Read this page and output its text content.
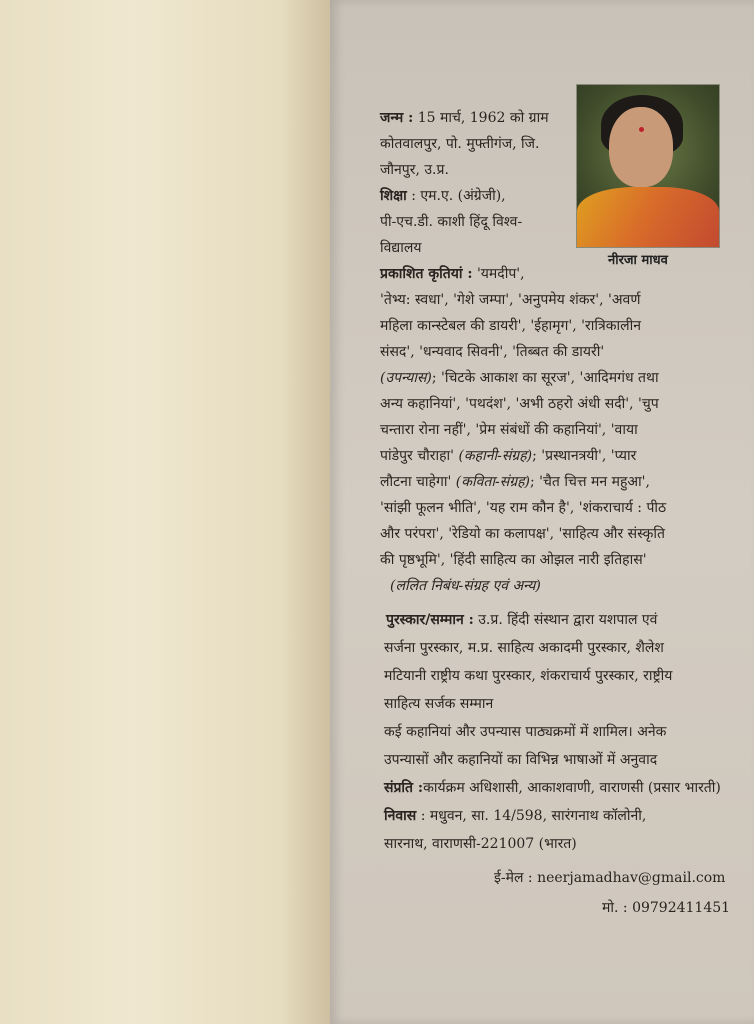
नीरजा माधव
जन्म : 15 मार्च, 1962 को ग्राम
कोतवालपुर, पो. मुफ्तीगंज, जि.
जौनपुर, उ.प्र.
शिक्षा : एम.ए. (अंग्रेजी),
पी-एच.डी. काशी हिंदू विश्व-
विद्यालय
प्रकाशित कृतियां : 'यमदीप',
'तेभ्य: स्वधा', 'गेशे जम्पा', 'अनुपमेय शंकर', 'अवर्ण
महिला कान्स्टेबल की डायरी', 'ईहामृग', 'रात्रिकालीन
संसद', 'धन्यवाद सिवनी', 'तिब्बत की डायरी'
(उपन्यास); 'चिटके आकाश का सूरज', 'आदिमगंध तथा
अन्य कहानियां', 'पथदंश', 'अभी ठहरो अंधी सदी', 'चुप
चन्तारा रोना नहीं', 'प्रेम संबंधों की कहानियां', 'वाया
पांडेपुर चौराहा' (कहानी-संग्रह); 'प्रस्थानत्रयी', 'प्यार
लौटना चाहेगा' (कविता-संग्रह); 'चैत चित्त मन महुआ',
'सांझी फूलन भीति', 'यह राम कौन है', 'शंकराचार्य : पीठ
और परंपरा', 'रेडियो का कलापक्ष', 'साहित्य और संस्कृति
की पृष्ठभूमि', 'हिंदी साहित्य का ओझल नारी इतिहास'
(ललित निबंध-संग्रह एवं अन्य)
पुरस्कार/सम्मान : उ.प्र. हिंदी संस्थान द्वारा यशपाल एवं
सर्जना पुरस्कार, म.प्र. साहित्य अकादमी पुरस्कार, शैलेश
मटियानी राष्ट्रीय कथा पुरस्कार, शंकराचार्य पुरस्कार, राष्ट्रीय
साहित्य सर्जक सम्मान
कई कहानियां और उपन्यास पाठ्यक्रमों में शामिल। अनेक
उपन्यासों और कहानियों का विभिन्न भाषाओं में अनुवाद
संप्रति :कार्यक्रम अधिशासी, आकाशवाणी, वाराणसी (प्रसार भारती)
निवास : मधुवन, सा. 14/598, सारंगनाथ कॉलोनी,
सारनाथ, वाराणसी-221007 (भारत)
ई-मेल : neerjamadhav@gmail.com
मो. : 09792411451
